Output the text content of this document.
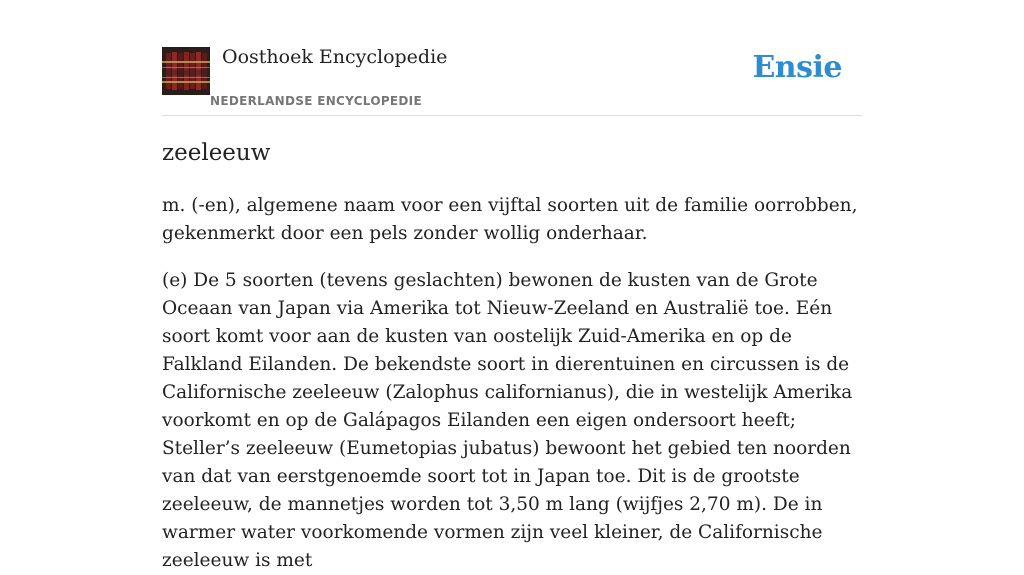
Oosthoek Encyclopedie
NEDERLANDSE ENCYCLOPEDIE
Ensie
zeeleeuw

m. (-en), algemene naam voor een vijftal soorten uit de familie oorrobben, gekenmerkt door een pels zonder wollig onderhaar.

(e) De 5 soorten (tevens geslachten) bewonen de kusten van de Grote Oceaan van Japan via Amerika tot Nieuw-Zeeland en Australië toe. Eén soort komt voor aan de kusten van oostelijk Zuid-Amerika en op de Falkland Eilanden. De bekendste soort in dierentuinen en circussen is de Californische zeeleeuw (Zalophus californianus), die in westelijk Amerika voorkomt en op de Galápagos Eilanden een eigen ondersoort heeft; Steller’s zeeleeuw (Eumetopias jubatus) bewoont het gebied ten noorden van dat van eerstgenoemde soort tot in Japan toe. Dit is de grootste zeeleeuw, de mannetjes worden tot 3,50 m lang (wijfjes 2,70 m). De in warmer water voorkomende vormen zijn veel kleiner, de Californische zeeleeuw is met
